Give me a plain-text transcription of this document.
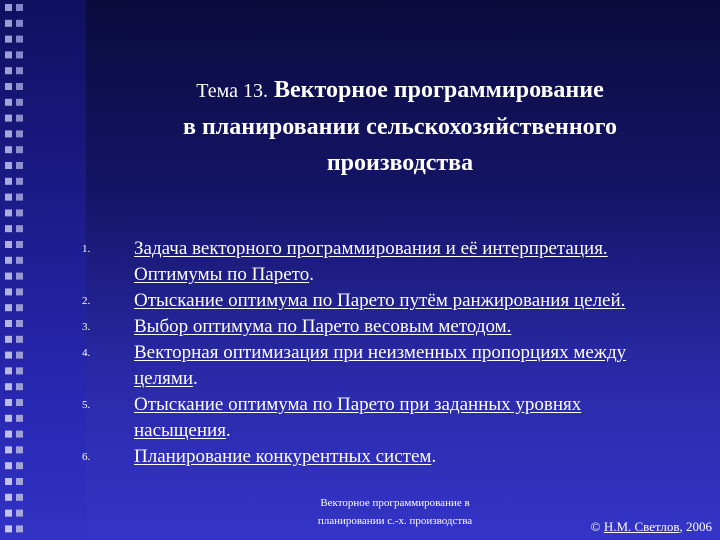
Тема 13. Векторное программирование
в планировании сельскохозяйственного
производства
1.	Задача векторного программирования и её интерпретация. Оптимумы по Парето.
2.	Отыскание оптимума по Парето путём ранжирования целей.
3.	Выбор оптимума по Парето весовым методом.
4.	Векторная оптимизация при неизменных пропорциях между целями.
5.	Отыскание оптимума по Парето при заданных уровнях насыщения.
6.	Планирование конкурентных систем.
Векторное программирование в
планировании с.-х. производства	© Н.М. Светлов, 2006
